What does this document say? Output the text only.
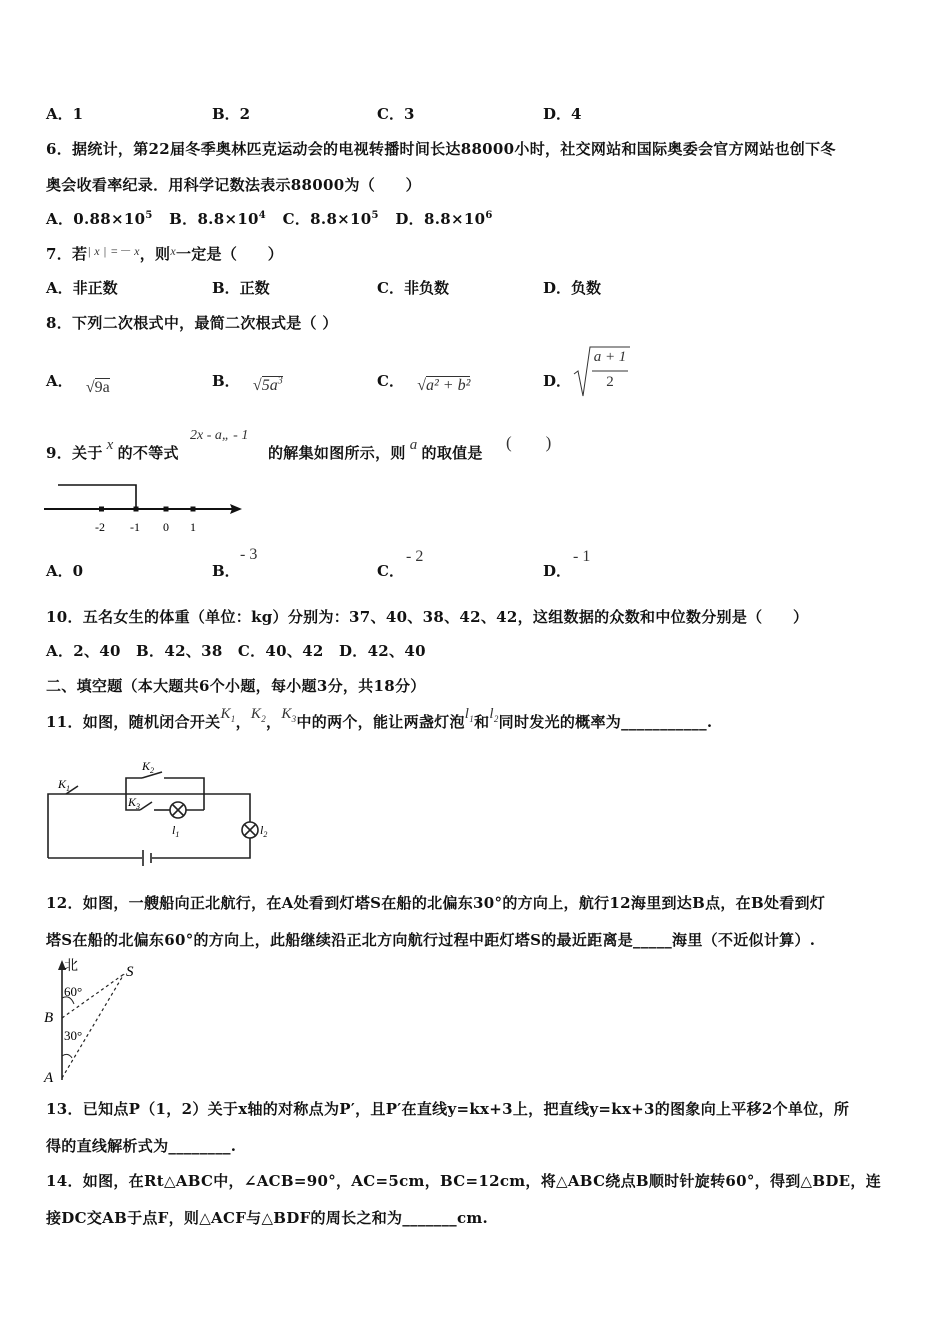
A．1	B．2	C．3	D．4
6．据统计，第22届冬季奥林匹克运动会的电视转播时间长达88000小时，社交网站和国际奥委会官方网站也创下冬
奥会收看率纪录．用科学记数法表示88000为（　　）
A．$0.88\times 10^5$ B．$8.8\times 10^4$ C．$8.8\times 10^5$ D．$8.8\times 10^6$
7．若$^{| x | =- x}$，则$^x$一定是（　　）
A．非正数	B．正数	C．非负数	D．负数
8．下列二次根式中，最简二次根式是（ ）
A． √9a	B． $√5a^3$	C． √a² + b²	D．
a + 1
2
9．关于 x 的不等式
2x - a„ - 1
的解集如图所示，则 a 的取值是
(　　)
-2 -1 0 1
A．0	B．
- 3
C．
- 2
D．
- 1
10．五名女生的体重（单位：kg）分别为：37、40、38、42、42，这组数据的众数和中位数分别是（　　）
A．2、40　B．42、38　C．40、42　D．42、40
二、填空题（本大题共6个小题，每小题3分，共18分）
11．如图，随机闭合开关$K_1$，$K_2$，$K_3$中的两个，能让两盏灯泡$l_1$和$l_2$同时发光的概率为___________.
$K_1$
$K_2$
$K_3$
$l_1$	$l_2$
12．如图，一艘船向正北航行，在A处看到灯塔S在船的北偏东30°的方向上，航行12海里到达B点，在B处看到灯
塔S在船的北偏东60°的方向上，此船继续沿正北方向航行过程中距灯塔S的最近距离是_____海里（不近似计算）.
北	S
B
A
60°
30°
13．已知点P（1，2）关于x轴的对称点为P′，且P′在直线y=kx+3上，把直线y=kx+3的图象向上平移2个单位，所
得的直线解析式为________.
14．如图，在Rt△ABC中，∠ACB=90°，AC=5cm，BC=12cm，将△ABC绕点B顺时针旋转60°，得到△BDE，连
接DC交AB于点F，则△ACF与△BDF的周长之和为_______cm.
